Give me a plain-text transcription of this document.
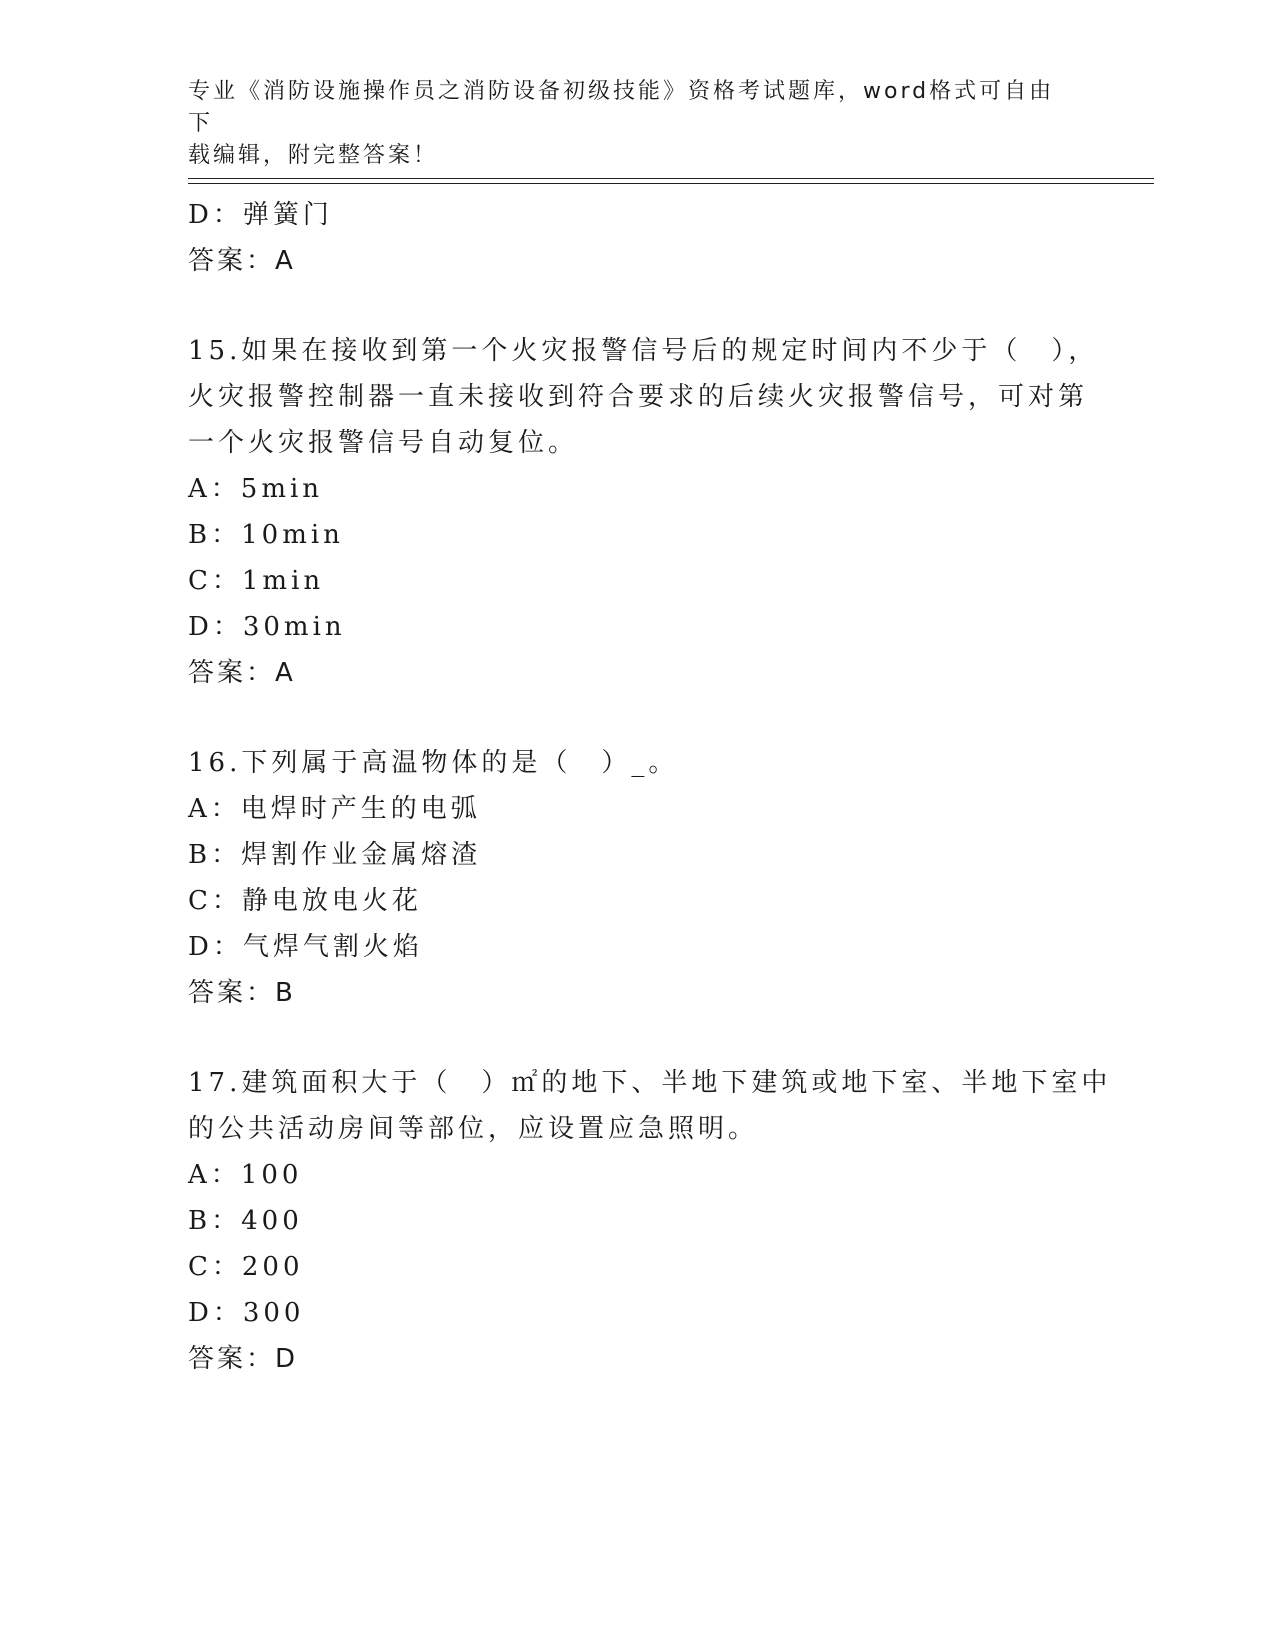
专业《消防设施操作员之消防设备初级技能》资格考试题库，word格式可自由下
载编辑，附完整答案！
D：弹簧门
答案：A
15.如果在接收到第一个火灾报警信号后的规定时间内不少于（　），
火灾报警控制器一直未接收到符合要求的后续火灾报警信号，可对第
一个火灾报警信号自动复位。
A：5min
B：10min
C：1min
D：30min
答案：A
16.下列属于高温物体的是（　）_。
A：电焊时产生的电弧
B：焊割作业金属熔渣
C：静电放电火花
D：气焊气割火焰
答案：B
17.建筑面积大于（　）㎡的地下、半地下建筑或地下室、半地下室中
的公共活动房间等部位，应设置应急照明。
A：100
B：400
C：200
D：300
答案：D
